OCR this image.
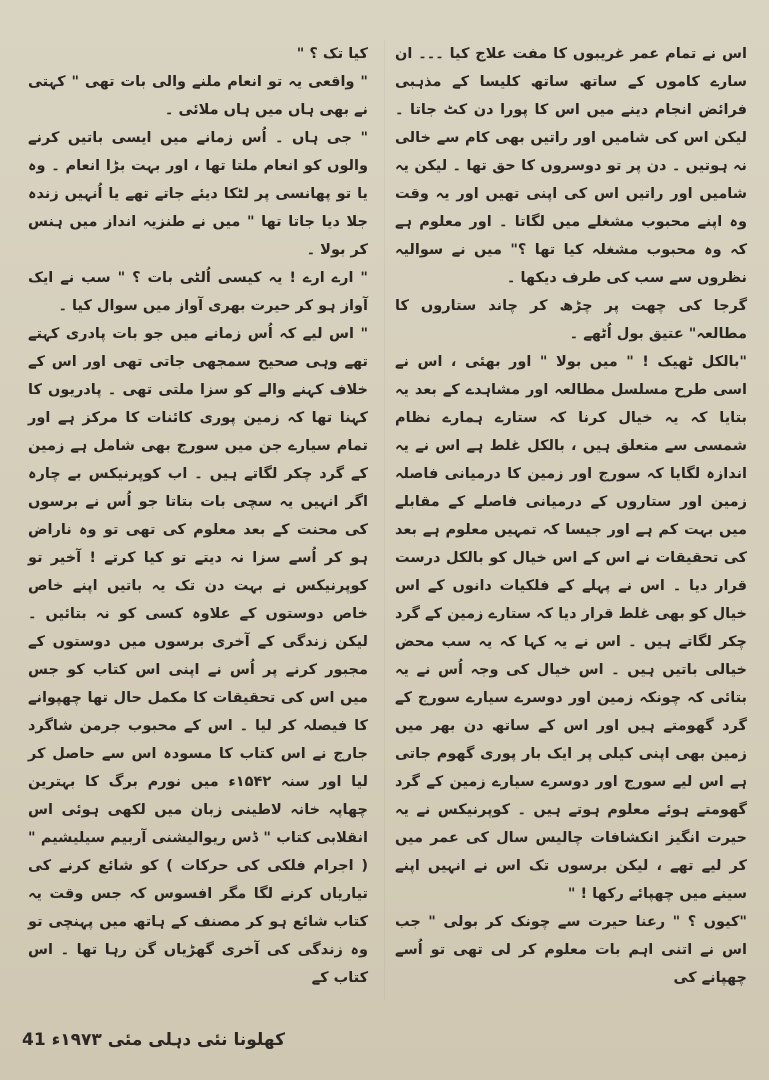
اس نے تمام عمر غریبوں کا مفت علاج کیا ۔۔۔ ان سارے کاموں کے ساتھ ساتھ کلیسا کے مذہبی فرائض انجام دینے میں اس کا پورا دن کٹ جاتا ۔ لیکن اس کی شامیں اور راتیں بھی کام سے خالی نہ ہوتیں ۔ دن پر تو دوسروں کا حق تھا ۔ لیکن یہ شامیں اور راتیں اس کی اپنی تھیں اور یہ وقت وہ اپنے محبوب مشغلے میں لگاتا ۔ اور معلوم ہے کہ وہ محبوب مشغلہ کیا تھا ؟" میں نے سوالیہ نظروں سے سب کی طرف دیکھا ۔

گرجا کی چھت پر چڑھ کر چاند ستاروں کا مطالعہ" عتیق بول اُٹھے ۔

"بالکل ٹھیک ! " میں بولا " اور بھئی ، اس نے اسی طرح مسلسل مطالعہ اور مشاہدے کے بعد یہ بتایا کہ یہ خیال کرنا کہ ستارے ہمارے نظام شمسی سے متعلق ہیں ، بالکل غلط ہے اس نے یہ اندازہ لگایا کہ سورج اور زمین کا درمیانی فاصلہ زمین اور ستاروں کے درمیانی فاصلے کے مقابلے میں بہت کم ہے اور جیسا کہ تمہیں معلوم ہے بعد کی تحقیقات نے اس کے اس خیال کو بالکل درست قرار دیا ۔ اس نے پہلے کے فلکیات دانوں کے اس خیال کو بھی غلط قرار دیا کہ ستارے زمین کے گرد چکر لگاتے ہیں ۔ اس نے یہ کہا کہ یہ سب محض خیالی باتیں ہیں ۔ اس خیال کی وجہ اُس نے یہ بتائی کہ چونکہ زمین اور دوسرے سیارے سورج کے گرد گھومتے ہیں اور اس کے ساتھ دن بھر میں زمین بھی اپنی کیلی پر ایک بار پوری گھوم جاتی ہے اس لیے سورج اور دوسرے سیارے زمین کے گرد گھومتے ہوئے معلوم ہوتے ہیں ۔ کوپرنیکس نے یہ حیرت انگیز انکشافات چالیس سال کی عمر میں کر لیے تھے ، لیکن برسوں تک اس نے انہیں اپنے سینے میں چھپائے رکھا ! "

"کیوں ؟ " رعنا حیرت سے چونک کر بولی " جب اس نے اتنی اہم بات معلوم کر لی تھی تو اُسے چھپانے کی

کیا تک ؟ "

" واقعی یہ تو انعام ملنے والی بات تھی " کہتی نے بھی ہاں میں ہاں ملائی ۔

" جی ہاں ۔ اُس زمانے میں ایسی باتیں کرنے والوں کو انعام ملتا تھا ، اور بہت بڑا انعام ۔ وہ یا تو پھانسی پر لٹکا دیئے جاتے تھے یا اُنہیں زندہ جلا دیا جاتا تھا " میں نے طنزیہ انداز میں ہنس کر بولا ۔

" ارے ارے ! یہ کیسی اُلٹی بات ؟ " سب نے ایک آواز ہو کر حیرت بھری آواز میں سوال کیا ۔

" اس لیے کہ اُس زمانے میں جو بات پادری کہتے تھے وہی صحیح سمجھی جاتی تھی اور اس کے خلاف کہنے والے کو سزا ملتی تھی ۔ پادریوں کا کہنا تھا کہ زمین پوری کائنات کا مرکز ہے اور تمام سیارے جن میں سورج بھی شامل ہے زمین کے گرد چکر لگاتے ہیں ۔ اب کوپرنیکس بے چارہ اگر انہیں یہ سچی بات بتاتا جو اُس نے برسوں کی محنت کے بعد معلوم کی تھی تو وہ ناراض ہو کر اُسے سزا نہ دیتے تو کیا کرتے ! آخیر تو کوپرنیکس نے بہت دن تک یہ باتیں اپنے خاص خاص دوستوں کے علاوہ کسی کو نہ بتائیں ۔ لیکن زندگی کے آخری برسوں میں دوستوں کے مجبور کرنے پر اُس نے اپنی اس کتاب کو جس میں اس کی تحقیقات کا مکمل حال تھا چھپوانے کا فیصلہ کر لیا ۔ اس کے محبوب جرمن شاگرد جارج نے اس کتاب کا مسودہ اس سے حاصل کر لیا اور سنہ ۱۵۴۲ء میں نورم برگ کا بہترین چھاپہ خانہ لاطینی زبان میں لکھی ہوئی اس انقلابی کتاب " ڈس ریوالیشنی آربیم سیلیشیم " ( اجرام فلکی کی حرکات ) کو شائع کرنے کی تیاریاں کرنے لگا مگر افسوس کہ جس وقت یہ کتاب شائع ہو کر مصنف کے ہاتھ میں پہنچی تو وہ زندگی کی آخری گھڑیاں گن رہا تھا ۔ اس کتاب کے

کھلونا نئی دہلی مئی ۱۹۷۳ء 41
